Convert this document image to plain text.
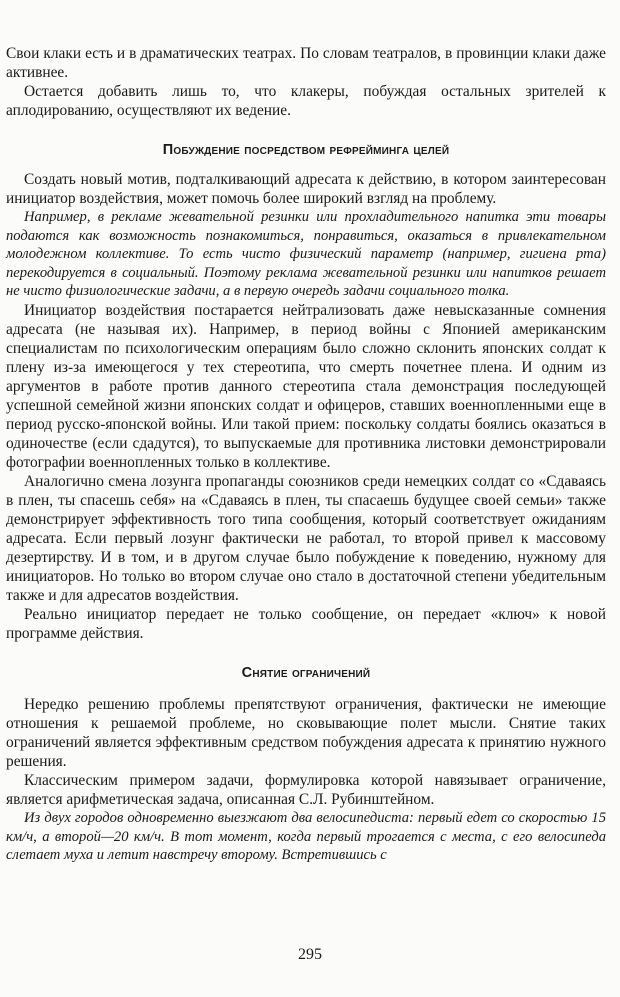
Свои клаки есть и в драматических театрах. По словам театралов, в провинции клаки даже активнее.

Остается добавить лишь то, что клакеры, побуждая остальных зрителей к аплодированию, осуществляют их ведение.

Побуждение посредством рефрейминга целей

Создать новый мотив, подталкивающий адресата к действию, в котором заинтересован инициатор воздействия, может помочь более широкий взгляд на проблему.

Например, в рекламе жевательной резинки или прохладительного напитка эти товары подаются как возможность познакомиться, понравиться, оказаться в привлекательном молодежном коллективе. То есть чисто физический параметр (например, гигиена рта) перекодируется в социальный. Поэтому реклама жевательной резинки или напитков решает не чисто физиологические задачи, а в первую очередь задачи социального толка.

Инициатор воздействия постарается нейтрализовать даже невысказанные сомнения адресата (не называя их). Например, в период войны с Японией американским специалистам по психологическим операциям было сложно склонить японских солдат к плену из-за имеющегося у тех стереотипа, что смерть почетнее плена. И одним из аргументов в работе против данного стереотипа стала демонстрация последующей успешной семейной жизни японских солдат и офицеров, ставших военнопленными еще в период русско-японской войны. Или такой прием: поскольку солдаты боялись оказаться в одиночестве (если сдадутся), то выпускаемые для противника листовки демонстрировали фотографии военнопленных только в коллективе.

Аналогично смена лозунга пропаганды союзников среди немецких солдат со «Сдаваясь в плен, ты спасешь себя» на «Сдаваясь в плен, ты спасаешь будущее своей семьи» также демонстрирует эффективность того типа сообщения, который соответствует ожиданиям адресата. Если первый лозунг фактически не работал, то второй привел к массовому дезертирству. И в том, и в другом случае было побуждение к поведению, нужному для инициаторов. Но только во втором случае оно стало в достаточной степени убедительным также и для адресатов воздействия.

Реально инициатор передает не только сообщение, он передает «ключ» к новой программе действия.

Снятие ограничений

Нередко решению проблемы препятствуют ограничения, фактически не имеющие отношения к решаемой проблеме, но сковывающие полет мысли. Снятие таких ограничений является эффективным средством побуждения адресата к принятию нужного решения.

Классическим примером задачи, формулировка которой навязывает ограничение, является арифметическая задача, описанная С.Л. Рубинштейном.

Из двух городов одновременно выезжают два велосипедиста: первый едет со скоростью 15 км/ч, а второй—20 км/ч. В тот момент, когда первый трогается с места, с его велосипеда слетает муха и летит навстречу второму. Встретившись с

295
